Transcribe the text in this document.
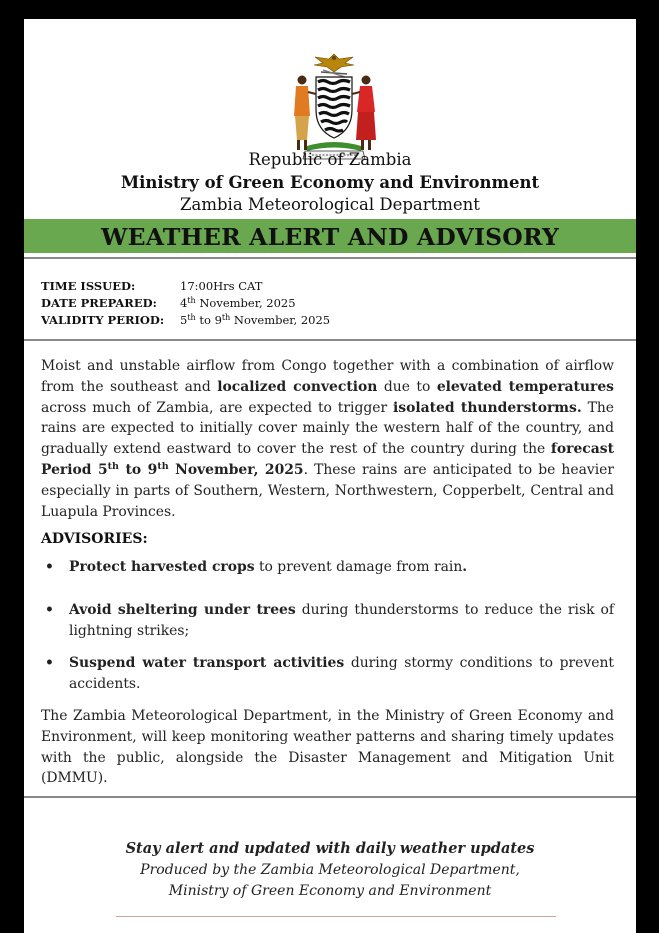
Republic of Zambia
Ministry of Green Economy and Environment
Zambia Meteorological Department
WEATHER ALERT AND ADVISORY
TIME ISSUED:	17:00Hrs CAT
DATE PREPARED: 4th November, 2025
VALIDITY PERIOD: 5th to 9th November, 2025
Moist and unstable airflow from Congo together with a combination of airflow from the southeast and localized convection due to elevated temperatures across much of Zambia, are expected to trigger isolated thunderstorms. The rains are expected to initially cover mainly the western half of the country, and gradually extend eastward to cover the rest of the country during the forecast Period 5th to 9th November, 2025. These rains are anticipated to be heavier especially in parts of Southern, Western, Northwestern, Copperbelt, Central and Luapula Provinces.
ADVISORIES:
• Protect harvested crops to prevent damage from rain.
• Avoid sheltering under trees during thunderstorms to reduce the risk of lightning strikes;
• Suspend water transport activities during stormy conditions to prevent accidents.
The Zambia Meteorological Department, in the Ministry of Green Economy and Environment, will keep monitoring weather patterns and sharing timely updates with the public, alongside the Disaster Management and Mitigation Unit (DMMU).
Stay alert and updated with daily weather updates
Produced by the Zambia Meteorological Department,
Ministry of Green Economy and Environment
